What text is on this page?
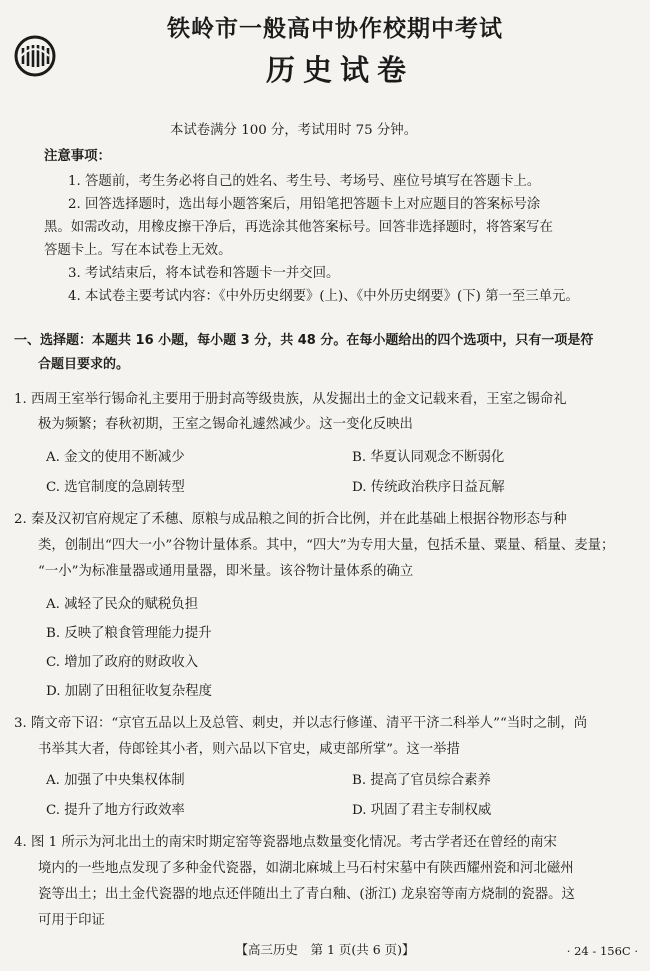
铁岭市一般高中协作校期中考试
历史试卷
本试卷满分 100 分，考试用时 75 分钟。
注意事项：
1. 答题前，考生务必将自己的姓名、考生号、考场号、座位号填写在答题卡上。
2. 回答选择题时，选出每小题答案后，用铅笔把答题卡上对应题目的答案标号涂
黑。如需改动，用橡皮擦干净后，再选涂其他答案标号。回答非选择题时，将答案写在
答题卡上。写在本试卷上无效。
3. 考试结束后，将本试卷和答题卡一并交回。
4. 本试卷主要考试内容：《中外历史纲要》(上)、《中外历史纲要》(下) 第一至三单元。
一、选择题：本题共 16 小题，每小题 3 分，共 48 分。在每小题给出的四个选项中，只有一项是符
合题目要求的。
1. 西周王室举行锡命礼主要用于册封高等级贵族，从发掘出土的金文记载来看，王室之锡命礼
极为频繁；春秋初期，王室之锡命礼遽然减少。这一变化反映出
A. 金文的使用不断减少	B. 华夏认同观念不断弱化
C. 选官制度的急剧转型	D. 传统政治秩序日益瓦解
2. 秦及汉初官府规定了禾穗、原粮与成品粮之间的折合比例，并在此基础上根据谷物形态与种
类，创制出“四大一小”谷物计量体系。其中，“四大”为专用大量，包括禾量、粟量、稻量、麦量；
“一小”为标准量器或通用量器，即米量。该谷物计量体系的确立
A. 减轻了民众的赋税负担
B. 反映了粮食管理能力提升
C. 增加了政府的财政收入
D. 加剧了田租征收复杂程度
3. 隋文帝下诏：“京官五品以上及总管、刺史，并以志行修谨、清平干济二科举人”“当时之制，尚
书举其大者，侍郎铨其小者，则六品以下官史，咸吏部所掌”。这一举措
A. 加强了中央集权体制	B. 提高了官员综合素养
C. 提升了地方行政效率	D. 巩固了君主专制权威
4. 图 1 所示为河北出土的南宋时期定窑等瓷器地点数量变化情况。考古学者还在曾经的南宋
境内的一些地点发现了多种金代瓷器，如湖北麻城上马石村宋墓中有陕西耀州瓷和河北磁州
瓷等出土；出土金代瓷器的地点还伴随出土了青白釉、(浙江) 龙泉窑等南方烧制的瓷器。这
可用于印证
【高三历史　第 1 页(共 6 页)】	· 24 - 156C ·
